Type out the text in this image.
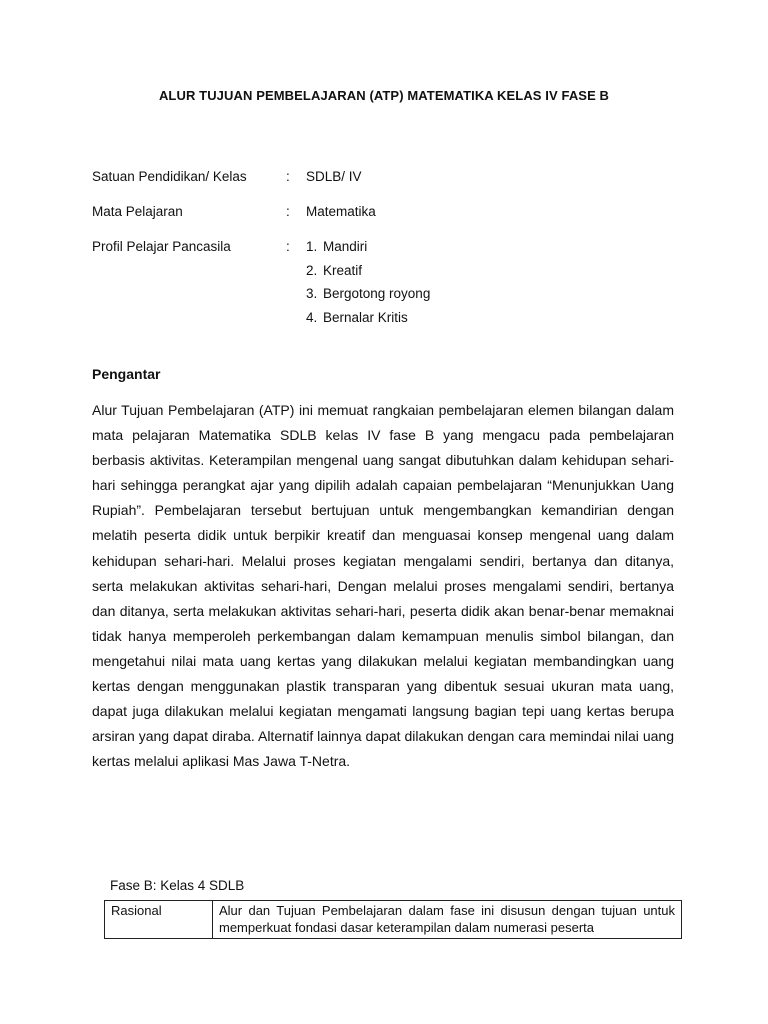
ALUR TUJUAN PEMBELAJARAN (ATP) MATEMATIKA KELAS IV FASE B
Satuan Pendidikan/ Kelas	: SDLB/ IV
Mata Pelajaran	: Matematika
Profil Pelajar Pancasila	: 1. Mandiri
2. Kreatif
3. Bergotong royong
4. Bernalar Kritis
Pengantar

Alur Tujuan Pembelajaran (ATP) ini memuat rangkaian pembelajaran elemen bilangan dalam mata pelajaran Matematika SDLB kelas IV fase B yang mengacu pada pembelajaran berbasis aktivitas. Keterampilan mengenal uang sangat dibutuhkan dalam kehidupan sehari-hari sehingga perangkat ajar yang dipilih adalah capaian pembelajaran “Menunjukkan Uang Rupiah”. Pembelajaran tersebut bertujuan untuk mengembangkan kemandirian dengan melatih peserta didik untuk berpikir kreatif dan menguasai konsep mengenal uang dalam kehidupan sehari-hari. Melalui proses kegiatan mengalami sendiri, bertanya dan ditanya, serta melakukan aktivitas sehari-hari, Dengan melalui proses mengalami sendiri, bertanya dan ditanya, serta melakukan aktivitas sehari-hari, peserta didik akan benar-benar memaknai tidak hanya memperoleh perkembangan dalam kemampuan menulis simbol bilangan, dan mengetahui nilai mata uang kertas yang dilakukan melalui kegiatan membandingkan uang kertas dengan menggunakan plastik transparan yang dibentuk sesuai ukuran mata uang, dapat juga dilakukan melalui kegiatan mengamati langsung bagian tepi uang kertas berupa arsiran yang dapat diraba. Alternatif lainnya dapat dilakukan dengan cara memindai nilai uang kertas melalui aplikasi Mas Jawa T-Netra.

Fase B: Kelas 4 SDLB
Rasional	Alur dan Tujuan Pembelajaran dalam fase ini disusun dengan tujuan untuk memperkuat fondasi dasar keterampilan dalam numerasi peserta
